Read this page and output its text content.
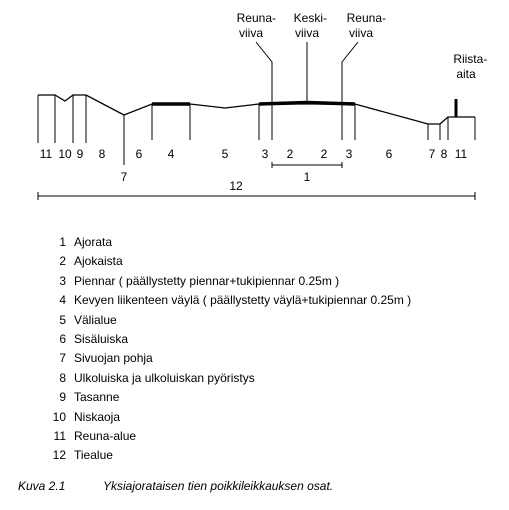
Reuna- viiva
Keski- viiva
Reuna- viiva
Riista- aita
11 10 9 8	6 4	5	3 2 2 3	6	7 8 11
7	1
12
1 Ajorata
2 Ajokaista
3 Piennar ( päällystetty piennar+tukipiennar 0.25m )
4 Kevyen liikenteen väylä ( päällystetty väylä+tukipiennar 0.25m )
5 Välialue
6 Sisäluiska
7 Sivuojan pohja
8 Ulkoluiska ja ulkoluiskan pyöristys
9 Tasanne
10 Niskaoja
11 Reuna-alue
12 Tiealue
Kuva 2.1	Yksiajorataisen tien poikkileikkauksen osat.
